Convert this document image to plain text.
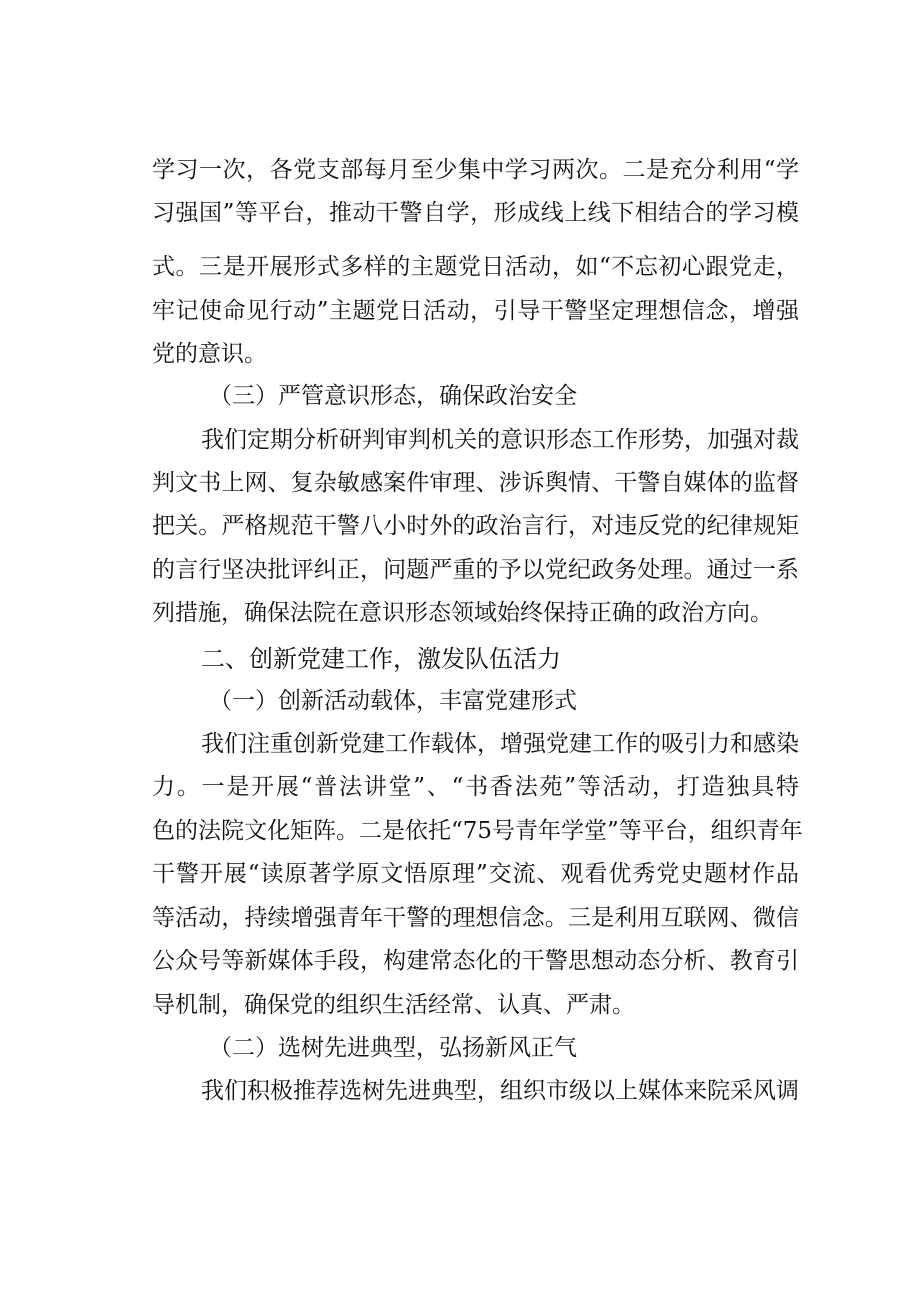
学习一次，各党支部每月至少集中学习两次。二是充分利用“学
习强国”等平台，推动干警自学，形成线上线下相结合的学习模
式。三是开展形式多样的主题党日活动，如“不忘初心跟党走，
牢记使命见行动”主题党日活动，引导干警坚定理想信念，增强
党的意识。
（三）严管意识形态，确保政治安全
我们定期分析研判审判机关的意识形态工作形势，加强对裁
判文书上网、复杂敏感案件审理、涉诉舆情、干警自媒体的监督
把关。严格规范干警八小时外的政治言行，对违反党的纪律规矩
的言行坚决批评纠正，问题严重的予以党纪政务处理。通过一系
列措施，确保法院在意识形态领域始终保持正确的政治方向。
二、创新党建工作，激发队伍活力
（一）创新活动载体，丰富党建形式
我们注重创新党建工作载体，增强党建工作的吸引力和感染
力。一是开展“普法讲堂”、“书香法苑”等活动，打造独具特
色的法院文化矩阵。二是依托“75号青年学堂”等平台，组织青年
干警开展“读原著学原文悟原理”交流、观看优秀党史题材作品
等活动，持续增强青年干警的理想信念。三是利用互联网、微信
公众号等新媒体手段，构建常态化的干警思想动态分析、教育引
导机制，确保党的组织生活经常、认真、严肃。
（二）选树先进典型，弘扬新风正气
我们积极推荐选树先进典型，组织市级以上媒体来院采风调
